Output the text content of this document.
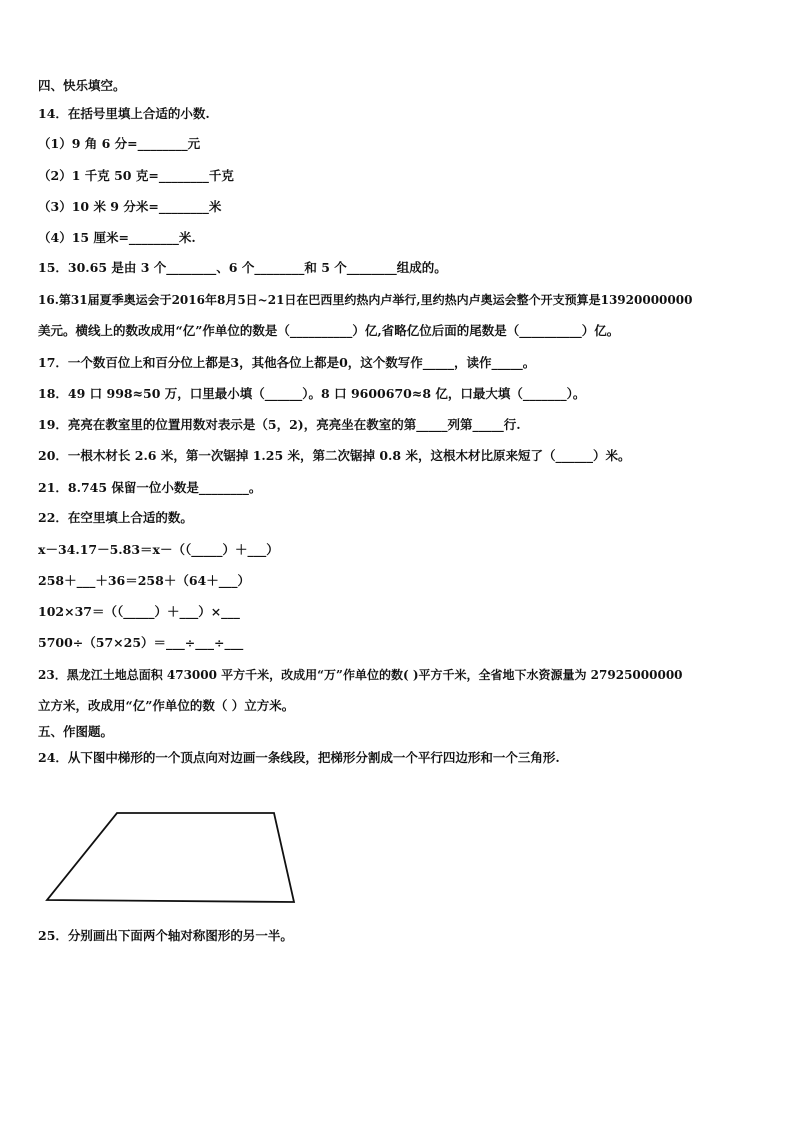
四、快乐填空。
14．在括号里填上合适的小数.
（1）9 角 6 分=________元
（2）1 千克 50 克=________千克
（3）10 米 9 分米=________米
（4）15 厘米=________米.
15．30.65 是由 3 个________、6 个________和 5 个________组成的。
16.第31届夏季奥运会于2016年8月5日~21日在巴西里约热内卢举行,里约热内卢奥运会整个开支预算是13920000000
美元。横线上的数改成用“亿”作单位的数是（__________）亿,省略亿位后面的尾数是（__________）亿。
17．一个数百位上和百分位上都是3，其他各位上都是0，这个数写作_____，读作_____。
18．49 口 998≈50 万，口里最小填（______）。8 口 9600670≈8 亿，口最大填（_______）。
19．亮亮在教室里的位置用数对表示是（5，2)，亮亮坐在教室的第_____列第_____行.
20．一根木材长 2.6 米，第一次锯掉 1.25 米，第二次锯掉 0.8 米，这根木材比原来短了（______）米。
21．8.745 保留一位小数是________。
22．在空里填上合适的数。
x－34.17－5.83＝x－（（_____）＋___）
258＋___＋36＝258＋（64＋___）
102×37＝（（_____）＋___）×___
5700÷（57×25）＝___÷___÷___
23．黑龙江土地总面积 473000 平方千米，改成用“万”作单位的数( )平方千米，全省地下水资源量为 27925000000
立方米，改成用“亿”作单位的数（ ）立方米。
五、作图题。
24．从下图中梯形的一个顶点向对边画一条线段，把梯形分割成一个平行四边形和一个三角形.
25．分别画出下面两个轴对称图形的另一半。
